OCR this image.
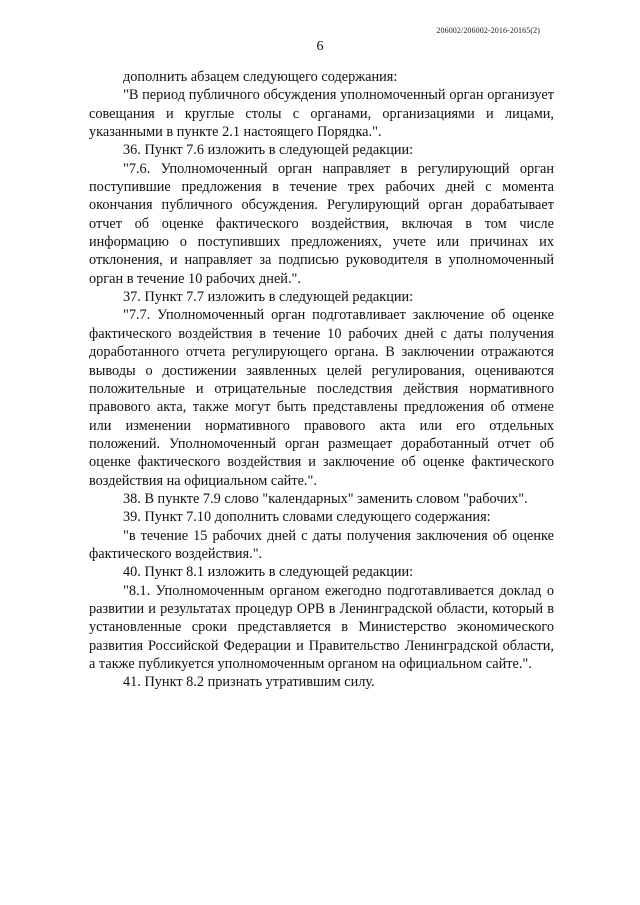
206002/206002-2016-20165(2)
6

дополнить абзацем следующего содержания:

"В период публичного обсуждения уполномоченный орган организует совещания и круглые столы с органами, организациями и лицами, указанными в пункте 2.1 настоящего Порядка.".

36. Пункт 7.6 изложить в следующей редакции:

"7.6. Уполномоченный орган направляет в регулирующий орган поступившие предложения в течение трех рабочих дней с момента окончания публичного обсуждения. Регулирующий орган дорабатывает отчет об оценке фактического воздействия, включая в том числе информацию о поступивших предложениях, учете или причинах их отклонения, и направляет за подписью руководителя в уполномоченный орган в течение 10 рабочих дней.".

37. Пункт 7.7 изложить в следующей редакции:

"7.7. Уполномоченный орган подготавливает заключение об оценке фактического воздействия в течение 10 рабочих дней с даты получения доработанного отчета регулирующего органа. В заключении отражаются выводы о достижении заявленных целей регулирования, оцениваются положительные и отрицательные последствия действия нормативного правового акта, также могут быть представлены предложения об отмене или изменении нормативного правового акта или его отдельных положений. Уполномоченный орган размещает доработанный отчет об оценке фактического воздействия и заключение об оценке фактического воздействия на официальном сайте.".

38. В пункте 7.9 слово "календарных" заменить словом "рабочих".

39. Пункт 7.10 дополнить словами следующего содержания:

"в течение 15 рабочих дней с даты получения заключения об оценке фактического воздействия.".

40. Пункт 8.1 изложить в следующей редакции:

"8.1. Уполномоченным органом ежегодно подготавливается доклад о развитии и результатах процедур ОРВ в Ленинградской области, который в установленные сроки представляется в Министерство экономического развития Российской Федерации и Правительство Ленинградской области, а также публикуется уполномоченным органом на официальном сайте.".

41. Пункт 8.2 признать утратившим силу.
